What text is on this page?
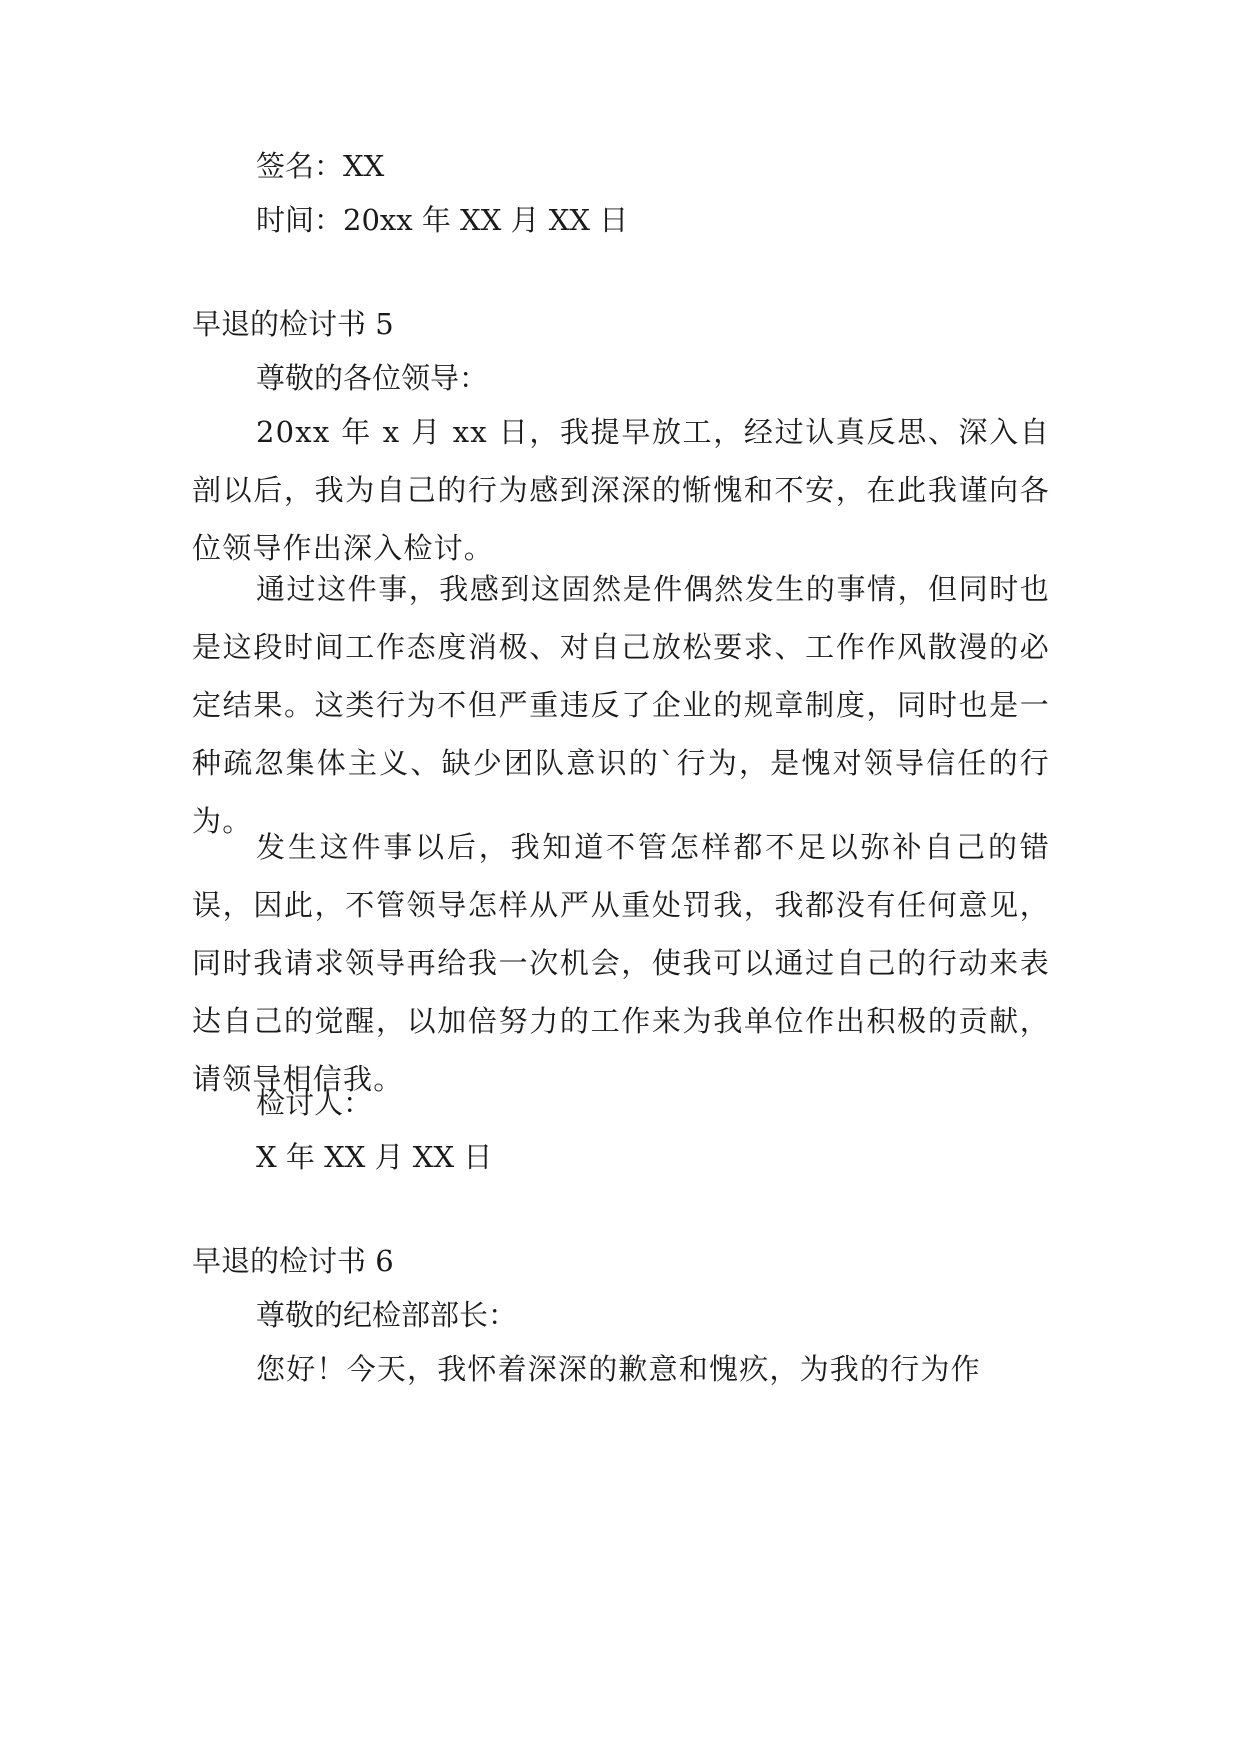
签名：XX
时间：20xx 年 XX 月 XX 日
早退的检讨书 5
尊敬的各位领导：
20xx 年 x 月 xx 日，我提早放工，经过认真反思、深入自剖以后，我为自己的行为感到深深的惭愧和不安，在此我谨向各位领导作出深入检讨。
通过这件事，我感到这固然是件偶然发生的事情，但同时也是这段时间工作态度消极、对自己放松要求、工作作风散漫的必定结果。这类行为不但严重违反了企业的规章制度，同时也是一种疏忽集体主义、缺少团队意识的`行为，是愧对领导信任的行为。
发生这件事以后，我知道不管怎样都不足以弥补自己的错误，因此，不管领导怎样从严从重处罚我，我都没有任何意见，同时我请求领导再给我一次机会，使我可以通过自己的行动来表达自己的觉醒，以加倍努力的工作来为我单位作出积极的贡献，请领导相信我。
检讨人：
X 年 XX 月 XX 日
早退的检讨书 6
尊敬的纪检部部长：
您好！今天，我怀着深深的歉意和愧疚，为我的行为作
